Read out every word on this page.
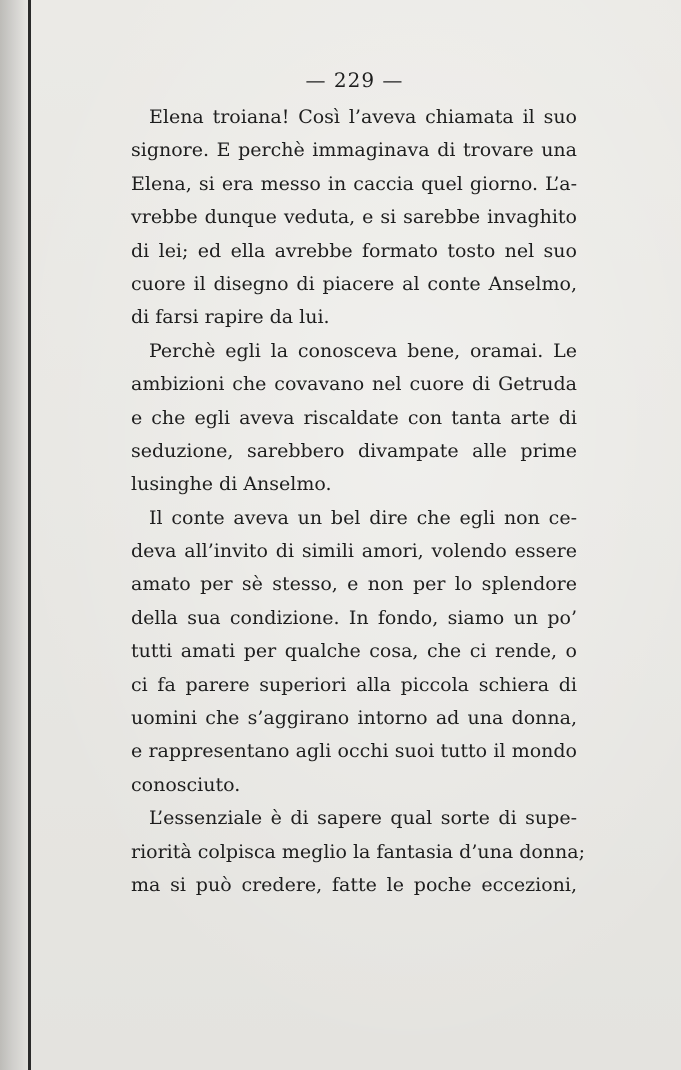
— 229 —
Elena troiana! Così l’aveva chiamata il suo
signore. E perchè immaginava di trovare una
Elena, si era messo in caccia quel giorno. L’a-
vrebbe dunque veduta, e si sarebbe invaghito
di lei; ed ella avrebbe formato tosto nel suo
cuore il disegno di piacere al conte Anselmo,
di farsi rapire da lui.
Perchè egli la conosceva bene, oramai. Le
ambizioni che covavano nel cuore di Getruda
e che egli aveva riscaldate con tanta arte di
seduzione, sarebbero divampate alle prime
lusinghe di Anselmo.
Il conte aveva un bel dire che egli non ce-
deva all’invito di simili amori, volendo essere
amato per sè stesso, e non per lo splendore
della sua condizione. In fondo, siamo un po’
tutti amati per qualche cosa, che ci rende, o
ci fa parere superiori alla piccola schiera di
uomini che s’aggirano intorno ad una donna,
e rappresentano agli occhi suoi tutto il mondo
conosciuto.
L’essenziale è di sapere qual sorte di supe-
riorità colpisca meglio la fantasia d’una donna;
ma si può credere, fatte le poche eccezioni,
